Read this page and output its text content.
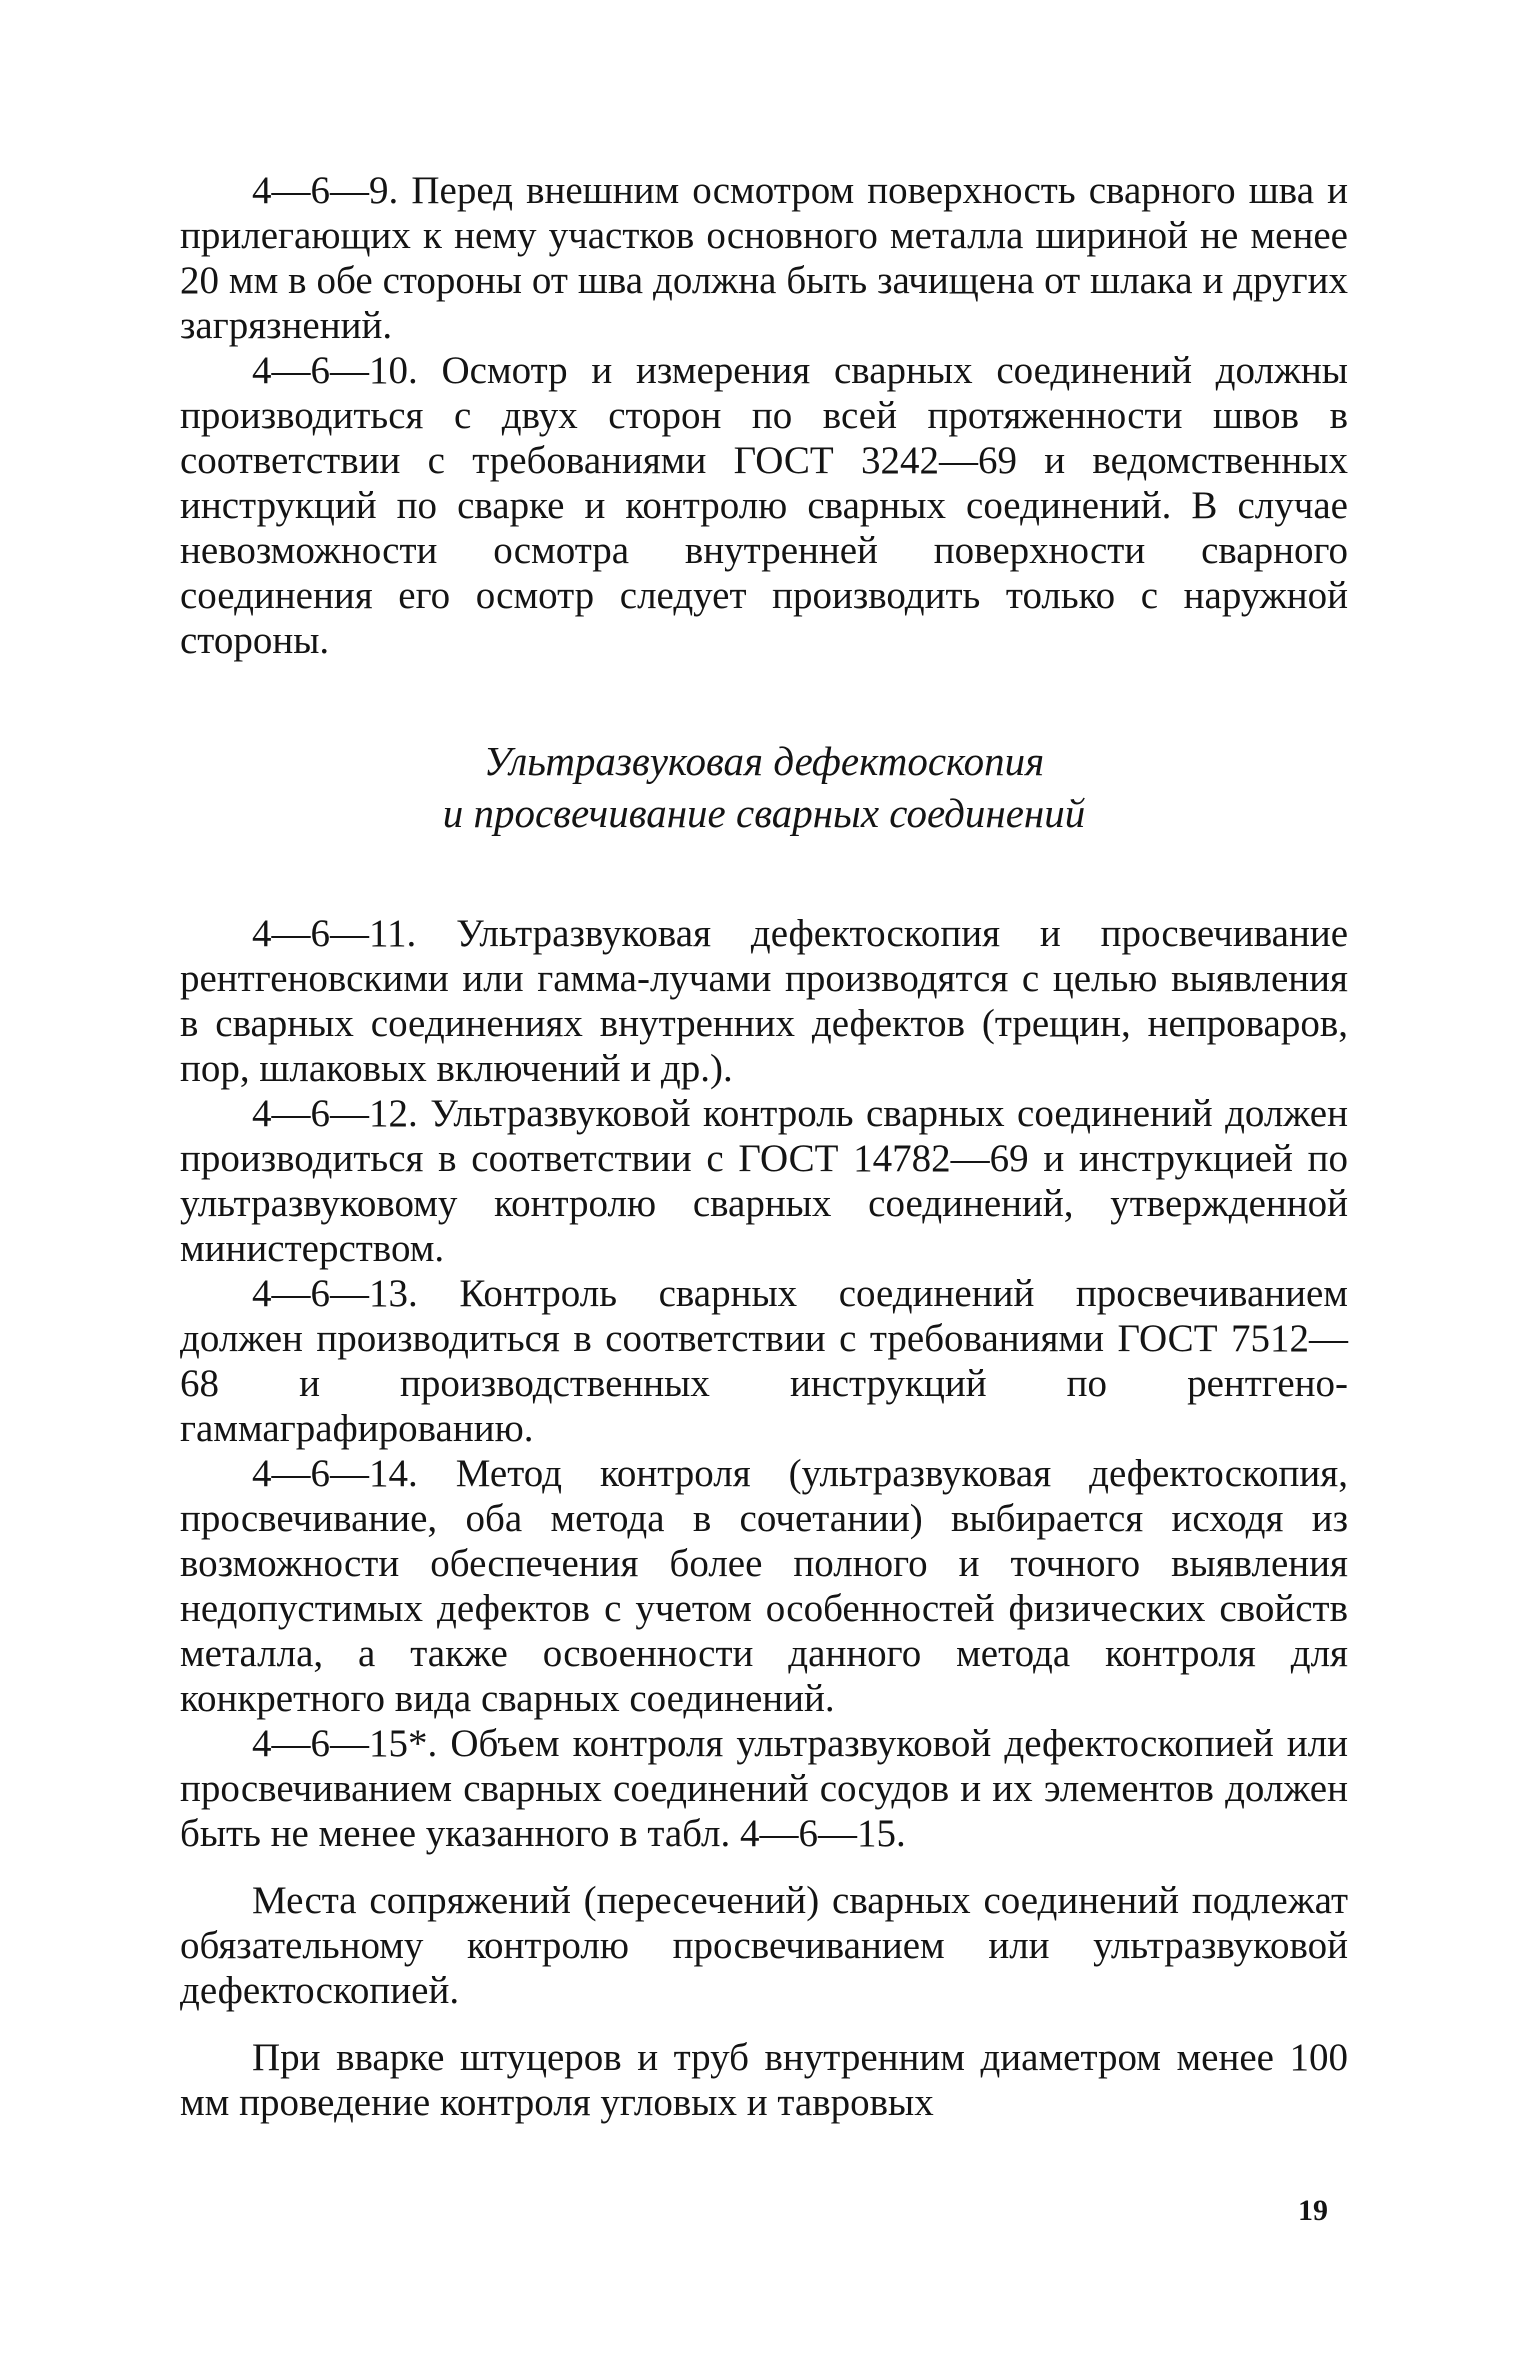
4—6—9. Перед внешним осмотром поверхность сварного шва и прилегающих к нему участков основного металла шириной не менее 20 мм в обе стороны от шва должна быть зачищена от шлака и других загрязнений.

4—6—10. Осмотр и измерения сварных соединений должны производиться с двух сторон по всей протяженности швов в соответствии с требованиями ГОСТ 3242—69 и ведомственных инструкций по сварке и контролю сварных соединений. В случае невозможности осмотра внутренней поверхности сварного соединения его осмотр следует производить только с наружной стороны.

Ультразвуковая дефектоскопия
и просвечивание сварных соединений

4—6—11. Ультразвуковая дефектоскопия и просвечивание рентгеновскими или гамма-лучами производятся с целью выявления в сварных соединениях внутренних дефектов (трещин, непроваров, пор, шлаковых включений и др.).

4—6—12. Ультразвуковой контроль сварных соединений должен производиться в соответствии с ГОСТ 14782—69 и инструкцией по ультразвуковому контролю сварных соединений, утвержденной министерством.

4—6—13. Контроль сварных соединений просвечиванием должен производиться в соответствии с требованиями ГОСТ 7512—68 и производственных инструкций по рентгено-гаммаграфированию.

4—6—14. Метод контроля (ультразвуковая дефектоскопия, просвечивание, оба метода в сочетании) выбирается исходя из возможности обеспечения более полного и точного выявления недопустимых дефектов с учетом особенностей физических свойств металла, а также освоенности данного метода контроля для конкретного вида сварных соединений.

4—6—15*. Объем контроля ультразвуковой дефектоскопией или просвечиванием сварных соединений сосудов и их элементов должен быть не менее указанного в табл. 4—6—15.

Места сопряжений (пересечений) сварных соединений подлежат обязательному контролю просвечиванием или ультразвуковой дефектоскопией.

При вварке штуцеров и труб внутренним диаметром менее 100 мм проведение контроля угловых и тавровых

19
